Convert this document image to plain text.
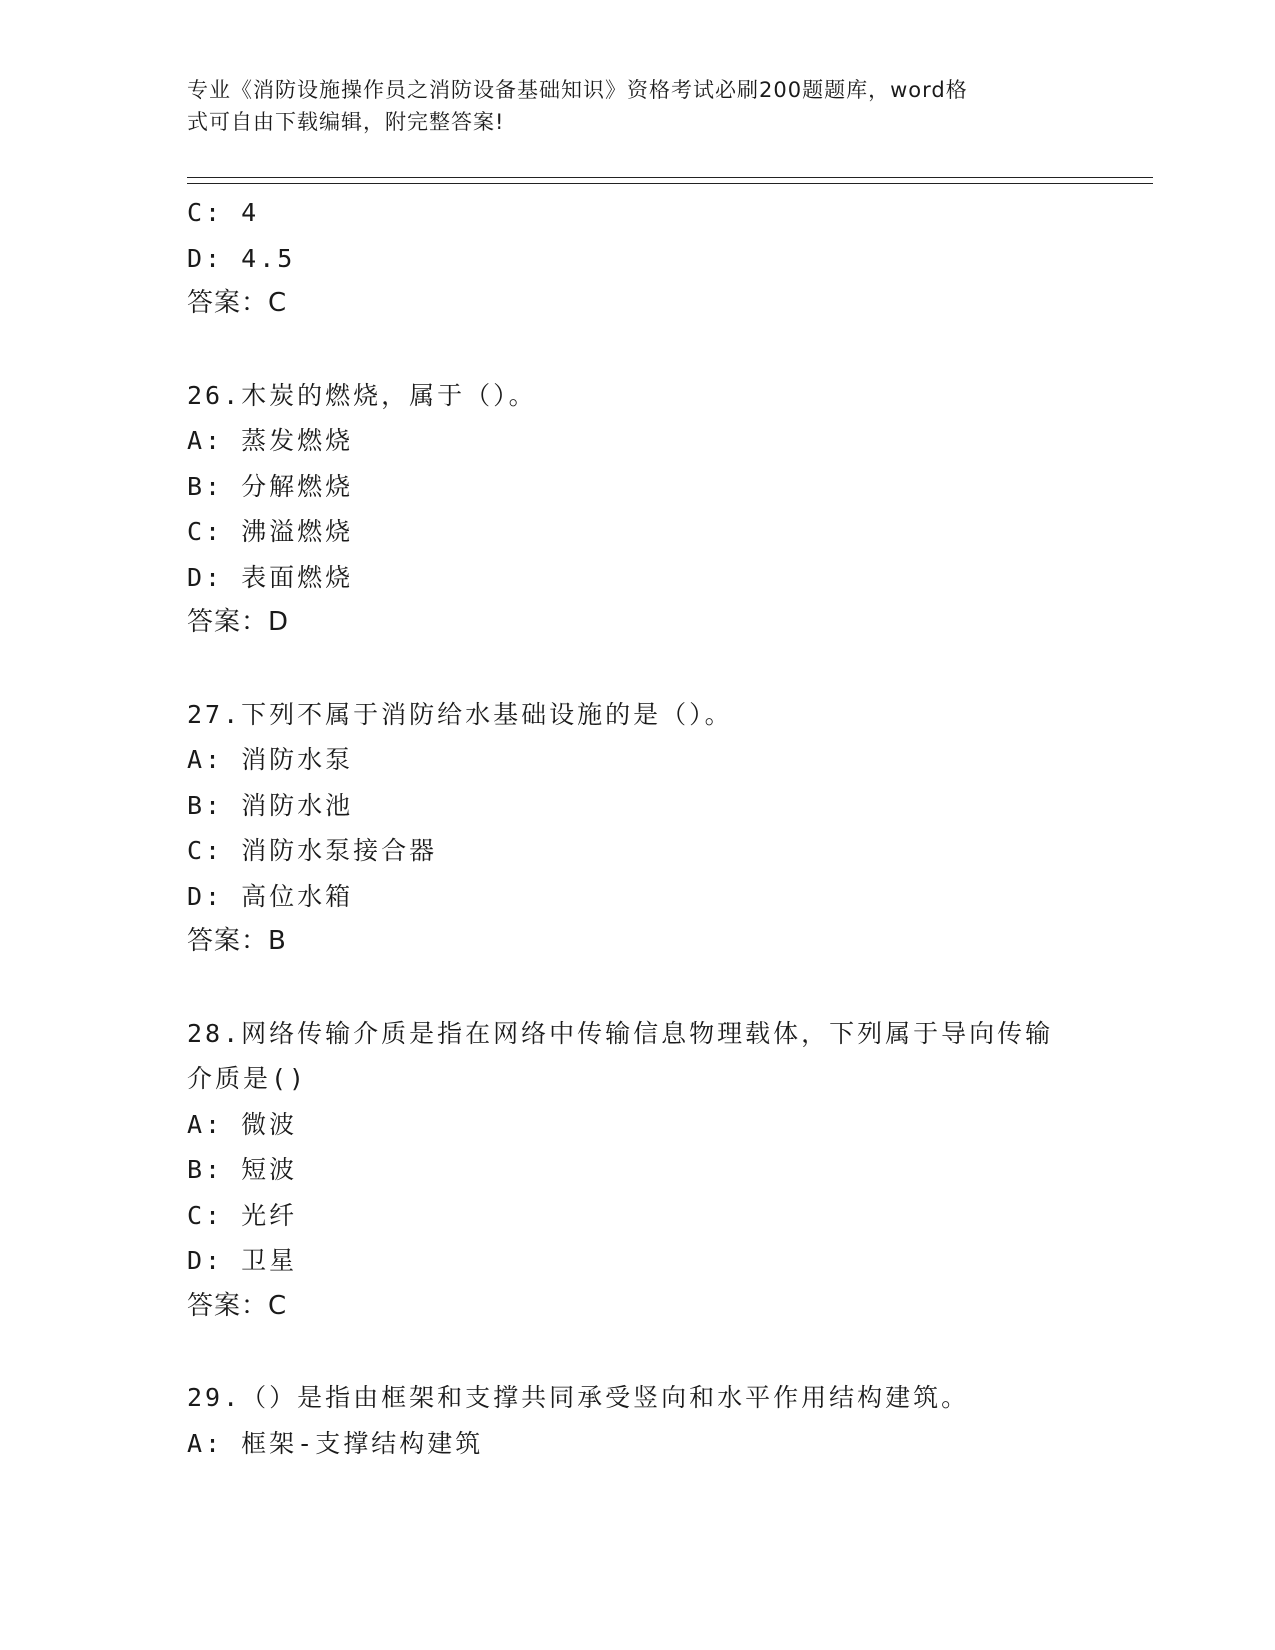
专业《消防设施操作员之消防设备基础知识》资格考试必刷200题题库，word格
式可自由下载编辑，附完整答案!
C: 4
D: 4.5
答案：C
26.木炭的燃烧，属于（）。
A: 蒸发燃烧
B: 分解燃烧
C: 沸溢燃烧
D: 表面燃烧
答案：D
27.下列不属于消防给水基础设施的是（）。
A: 消防水泵
B: 消防水池
C: 消防水泵接合器
D: 高位水箱
答案：B
28.网络传输介质是指在网络中传输信息物理载体，下列属于导向传输
介质是()
A: 微波
B: 短波
C: 光纤
D: 卫星
答案：C
29.（）是指由框架和支撑共同承受竖向和水平作用结构建筑。
A: 框架-支撑结构建筑
